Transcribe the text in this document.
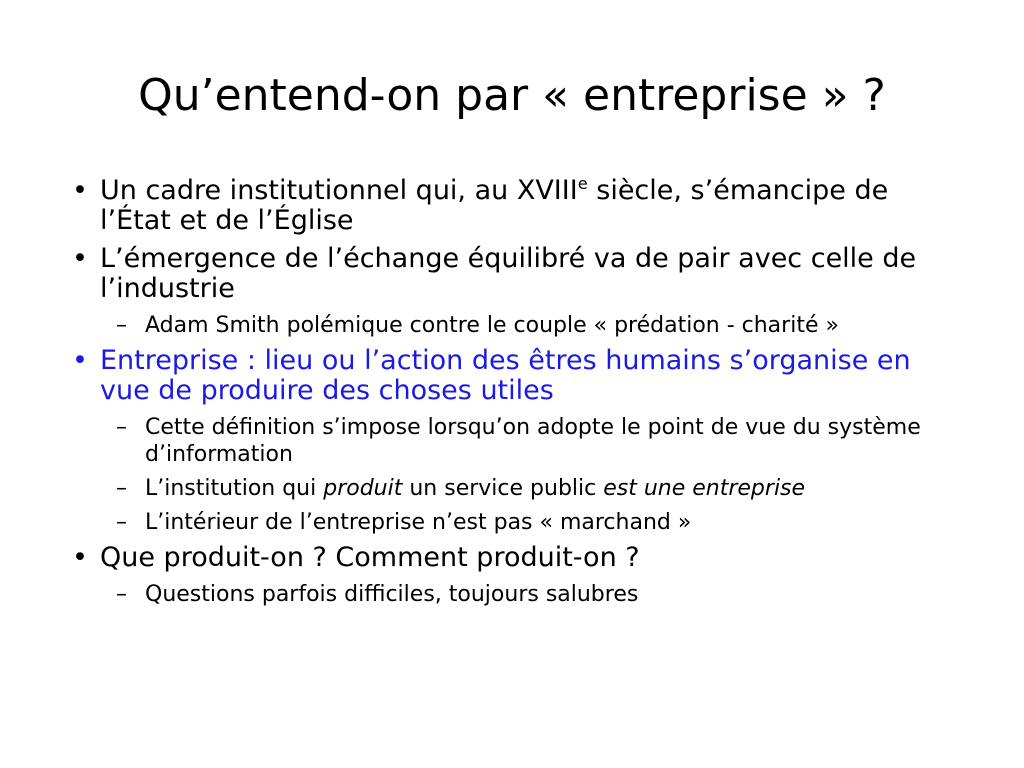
Qu’entend-on par « entreprise » ?
• Un cadre institutionnel qui, au XVIIIe siècle, s’émancipe de l’État et de l’Église
• L’émergence de l’échange équilibré va de pair avec celle de l’industrie
– Adam Smith polémique contre le couple « prédation - charité »
• Entreprise : lieu ou l’action des êtres humains s’organise en vue de produire des choses utiles
– Cette définition s’impose lorsqu’on adopte le point de vue du système d’information
– L’institution qui produit un service public est une entreprise
– L’intérieur de l’entreprise n’est pas « marchand »
• Que produit-on ? Comment produit-on ?
– Questions parfois difficiles, toujours salubres
